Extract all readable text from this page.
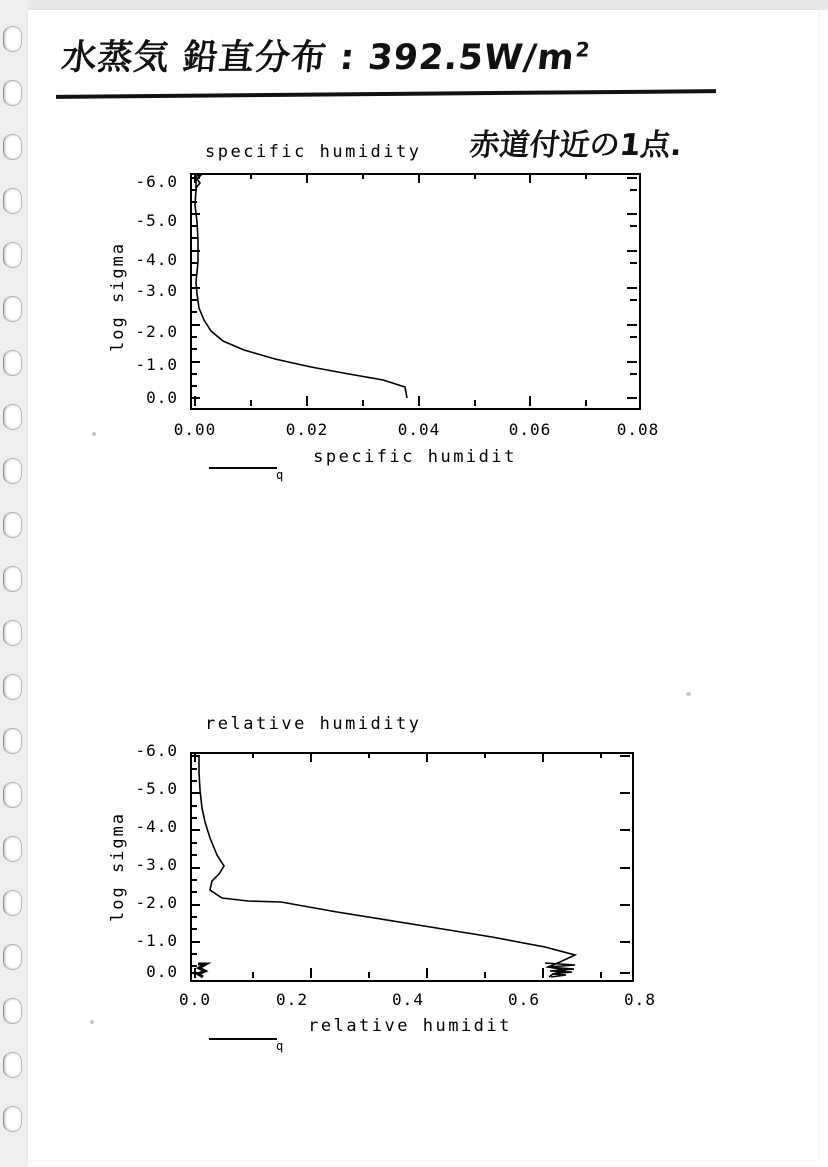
水蒸気 鉛直分布 : $392.5W/m^2$
赤道付近の1点.
specific humidity
log sigma
-6.0
-5.0
-4.0
-3.0
-2.0
-1.0
0.0
0.00	0.02	0.04	0.06	0.08
specific humidit
q
relative humidity
log sigma
-6.0
-5.0
-4.0
-3.0
-2.0
-1.0
0.0
0.0	0.2	0.4	0.6	0.8
relative humidit
q
